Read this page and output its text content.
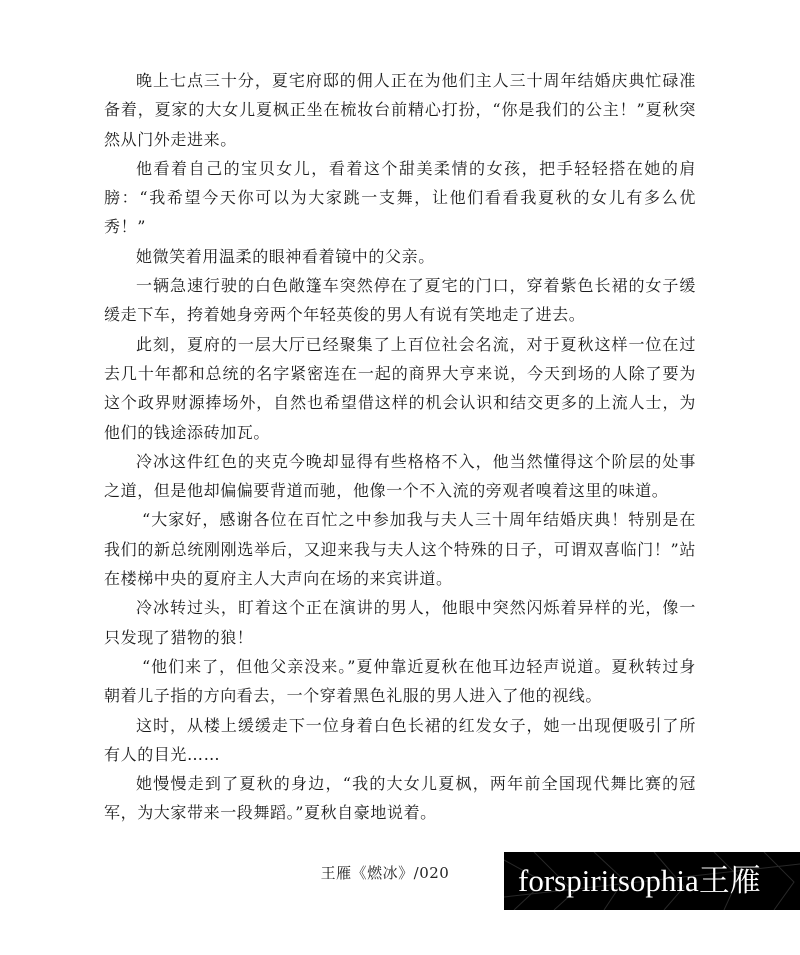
晚上七点三十分，夏宅府邸的佣人正在为他们主人三十周年结婚庆典忙碌准备着，夏家的大女儿夏枫正坐在梳妆台前精心打扮，“你是我们的公主！”夏秋突然从门外走进来。

他看着自己的宝贝女儿，看着这个甜美柔情的女孩，把手轻轻搭在她的肩膀：“我希望今天你可以为大家跳一支舞，让他们看看我夏秋的女儿有多么优秀！”

她微笑着用温柔的眼神看着镜中的父亲。

一辆急速行驶的白色敞篷车突然停在了夏宅的门口，穿着紫色长裙的女子缓缓走下车，挎着她身旁两个年轻英俊的男人有说有笑地走了进去。

此刻，夏府的一层大厅已经聚集了上百位社会名流，对于夏秋这样一位在过去几十年都和总统的名字紧密连在一起的商界大亨来说，今天到场的人除了要为这个政界财源捧场外，自然也希望借这样的机会认识和结交更多的上流人士，为他们的钱途添砖加瓦。

冷冰这件红色的夹克今晚却显得有些格格不入，他当然懂得这个阶层的处事之道，但是他却偏偏要背道而驰，他像一个不入流的旁观者嗅着这里的味道。

“大家好，感谢各位在百忙之中参加我与夫人三十周年结婚庆典！特别是在我们的新总统刚刚选举后，又迎来我与夫人这个特殊的日子，可谓双喜临门！”站在楼梯中央的夏府主人大声向在场的来宾讲道。

冷冰转过头，盯着这个正在演讲的男人，他眼中突然闪烁着异样的光，像一只发现了猎物的狼！

“他们来了，但他父亲没来。”夏仲靠近夏秋在他耳边轻声说道。夏秋转过身朝着儿子指的方向看去，一个穿着黑色礼服的男人进入了他的视线。

这时，从楼上缓缓走下一位身着白色长裙的红发女子，她一出现便吸引了所有人的目光……

她慢慢走到了夏秋的身边，“我的大女儿夏枫，两年前全国现代舞比赛的冠军，为大家带来一段舞蹈。”夏秋自豪地说着。

王雁《燃冰》/020	forspiritsophia王雁
